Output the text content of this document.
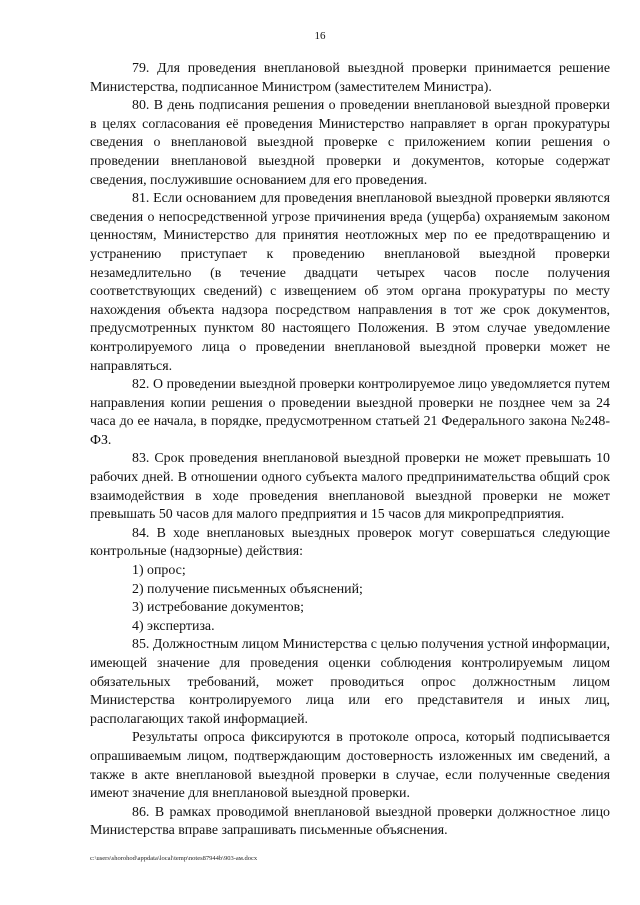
16

79. Для проведения внеплановой выездной проверки принимается решение Министерства, подписанное Министром (заместителем Министра).

80. В день подписания решения о проведении внеплановой выездной проверки в целях согласования её проведения Министерство направляет в орган прокуратуры сведения о внеплановой выездной проверке с приложением копии решения о проведении внеплановой выездной проверки и документов, которые содержат сведения, послужившие основанием для его проведения.

81. Если основанием для проведения внеплановой выездной проверки являются сведения о непосредственной угрозе причинения вреда (ущерба) охраняемым законом ценностям, Министерство для принятия неотложных мер по ее предотвращению и устранению приступает к проведению внеплановой выездной проверки незамедлительно (в течение двадцати четырех часов после получения соответствующих сведений) с извещением об этом органа прокуратуры по месту нахождения объекта надзора посредством направления в тот же срок документов, предусмотренных пунктом 80 настоящего Положения. В этом случае уведомление контролируемого лица о проведении внеплановой выездной проверки может не направляться.

82. О проведении выездной проверки контролируемое лицо уведомляется путем направления копии решения о проведении выездной проверки не позднее чем за 24 часа до ее начала, в порядке, предусмотренном статьей 21 Федерального закона №248-ФЗ.

83. Срок проведения внеплановой выездной проверки не может превышать 10 рабочих дней. В отношении одного субъекта малого предпринимательства общий срок взаимодействия в ходе проведения внеплановой выездной проверки не может превышать 50 часов для малого предприятия и 15 часов для микропредприятия.

84. В ходе внеплановых выездных проверок могут совершаться следующие контрольные (надзорные) действия:

1) опрос;

2) получение письменных объяснений;

3) истребование документов;

4) экспертиза.

85. Должностным лицом Министерства с целью получения устной информации, имеющей значение для проведения оценки соблюдения контролируемым лицом обязательных требований, может проводиться опрос должностным лицом Министерства контролируемого лица или его представителя и иных лиц, располагающих такой информацией.

Результаты опроса фиксируются в протоколе опроса, который подписывается опрашиваемым лицом, подтверждающим достоверность изложенных им сведений, а также в акте внеплановой выездной проверки в случае, если полученные сведения имеют значение для внеплановой выездной проверки.

86. В рамках проводимой внеплановой выездной проверки должностное лицо Министерства вправе запрашивать письменные объяснения.

c:\users\shorohod\appdata\local\temp\notes87944b\903-ам.docx
